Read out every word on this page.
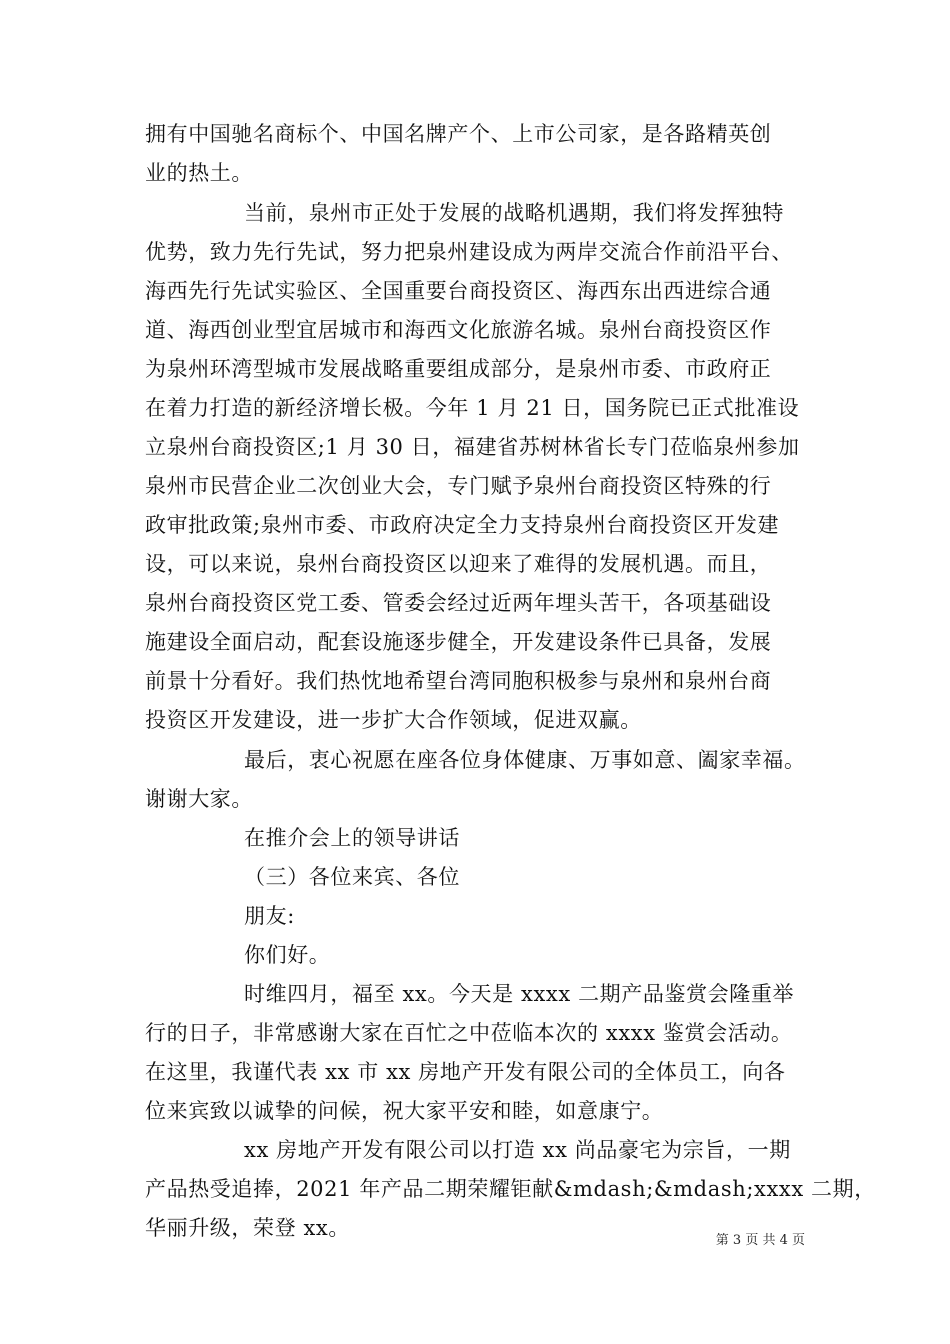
拥有中国驰名商标个、中国名牌产个、上市公司家，是各路精英创
业的热土。
当前，泉州市正处于发展的战略机遇期，我们将发挥独特
优势，致力先行先试，努力把泉州建设成为两岸交流合作前沿平台、
海西先行先试实验区、全国重要台商投资区、海西东出西进综合通
道、海西创业型宜居城市和海西文化旅游名城。泉州台商投资区作
为泉州环湾型城市发展战略重要组成部分，是泉州市委、市政府正
在着力打造的新经济增长极。今年 1 月 21 日，国务院已正式批准设
立泉州台商投资区;1 月 30 日，福建省苏树林省长专门莅临泉州参加
泉州市民营企业二次创业大会，专门赋予泉州台商投资区特殊的行
政审批政策;泉州市委、市政府决定全力支持泉州台商投资区开发建
设，可以来说，泉州台商投资区以迎来了难得的发展机遇。而且，
泉州台商投资区党工委、管委会经过近两年埋头苦干，各项基础设
施建设全面启动，配套设施逐步健全，开发建设条件已具备，发展
前景十分看好。我们热忱地希望台湾同胞积极参与泉州和泉州台商
投资区开发建设，进一步扩大合作领域，促进双赢。
最后，衷心祝愿在座各位身体健康、万事如意、阖家幸福。
谢谢大家。
在推介会上的领导讲话
（三）各位来宾、各位
朋友:
你们好。
时维四月，福至 xx。今天是 xxxx 二期产品鉴赏会隆重举
行的日子，非常感谢大家在百忙之中莅临本次的 xxxx 鉴赏会活动。
在这里，我谨代表 xx 市 xx 房地产开发有限公司的全体员工，向各
位来宾致以诚挚的问候，祝大家平安和睦，如意康宁。
xx 房地产开发有限公司以打造 xx 尚品豪宅为宗旨，一期
产品热受追捧，2021 年产品二期荣耀钜献&mdash;&mdash;xxxx 二期，
华丽升级，荣登 xx。
第 3 页 共 4 页
